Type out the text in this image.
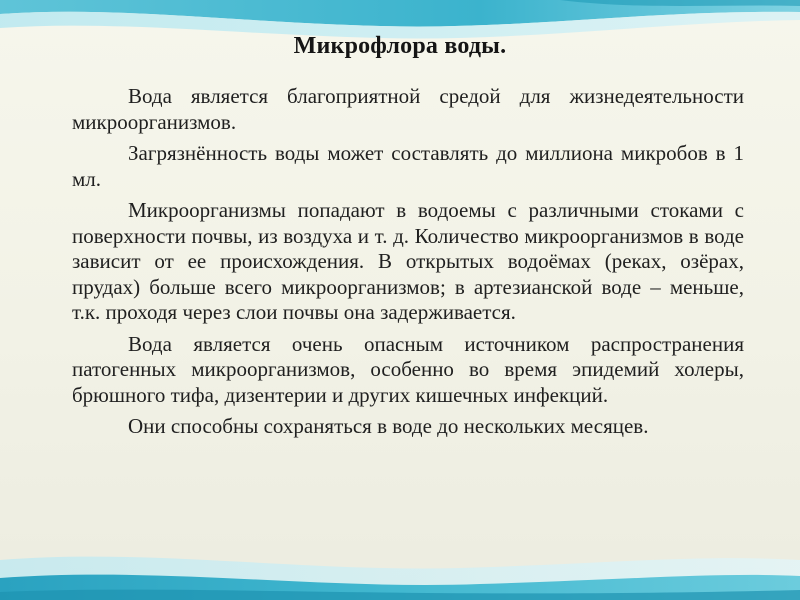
Микрофлора воды.

Вода является благоприятной средой для жизнедеятельности микроорганизмов.

Загрязнённость воды может составлять до миллиона микробов в 1 мл.

Микроорганизмы попадают в водоемы с различными стоками с поверхности почвы, из воздуха и т. д. Количество микроорганизмов в воде зависит от ее происхождения. В открытых водоёмах (реках, озёрах, прудах) больше всего микроорганизмов; в артезианской воде – меньше, т.к. проходя через слои почвы она задерживается.

Вода является очень опасным источником распространения патогенных микроорганизмов, особенно во время эпидемий холеры, брюшного тифа, дизентерии и других кишечных инфекций.

Они способны сохраняться в воде до нескольких месяцев.
